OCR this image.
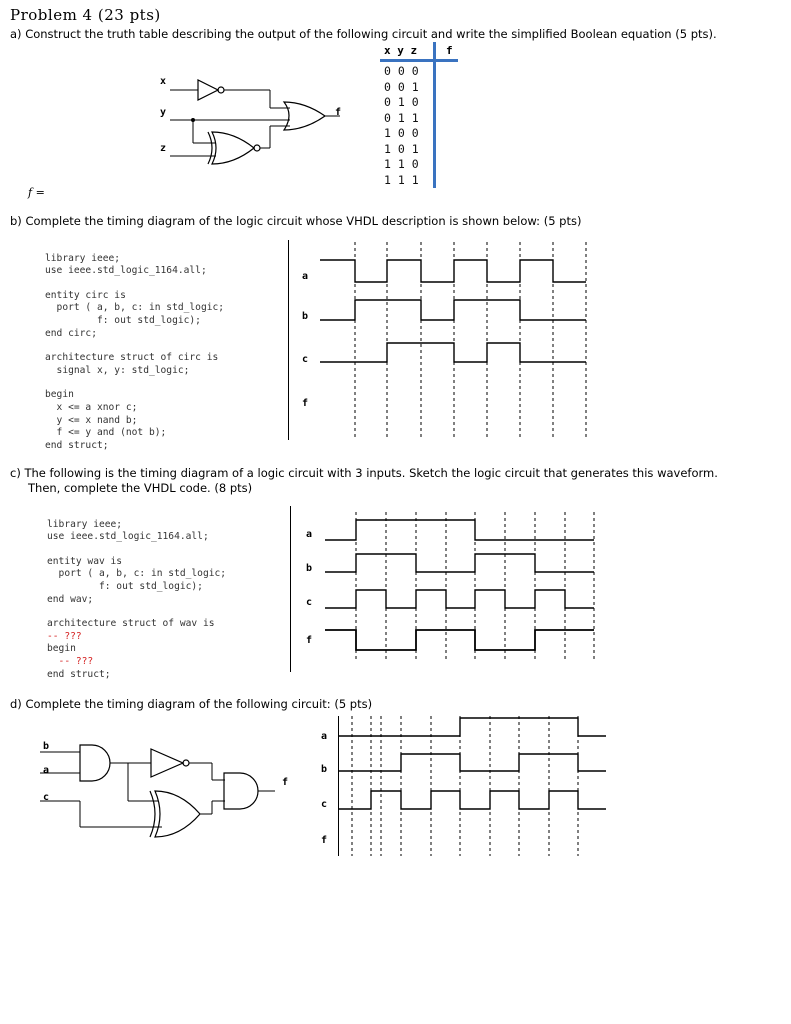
Problem 4 (23 pts)
a) Construct the truth table describing the output of the following circuit and write the simplified Boolean equation (5 pts).
x
y
z
f
x y z	f
0 0 0
0 0 1
0 1 0
0 1 1
1 0 0
1 0 1
1 1 0
1 1 1
f =
b) Complete the timing diagram of the logic circuit whose VHDL description is shown below: (5 pts)

library ieee;
use ieee.std_logic_1164.all;
entity circ is
port ( a, b, c: in std_logic;
f: out std_logic);
end circ;
architecture struct of circ is
signal x, y: std_logic;
begin
x <= a xnor c;
y <= x nand b;
f <= y and (not b);
end struct;

a
b
c
f
c) The following is the timing diagram of a logic circuit with 3 inputs. Sketch the logic circuit that generates this waveform.
Then, complete the VHDL code. (8 pts)

library ieee;
use ieee.std_logic_1164.all;
entity wav is
port ( a, b, c: in std_logic;
f: out std_logic);
end wav;
architecture struct of wav is
-- ???
begin
-- ???
end struct;

a
b
c
f
d) Complete the timing diagram of the following circuit: (5 pts)
b
a
c
f
a
b
c
f
